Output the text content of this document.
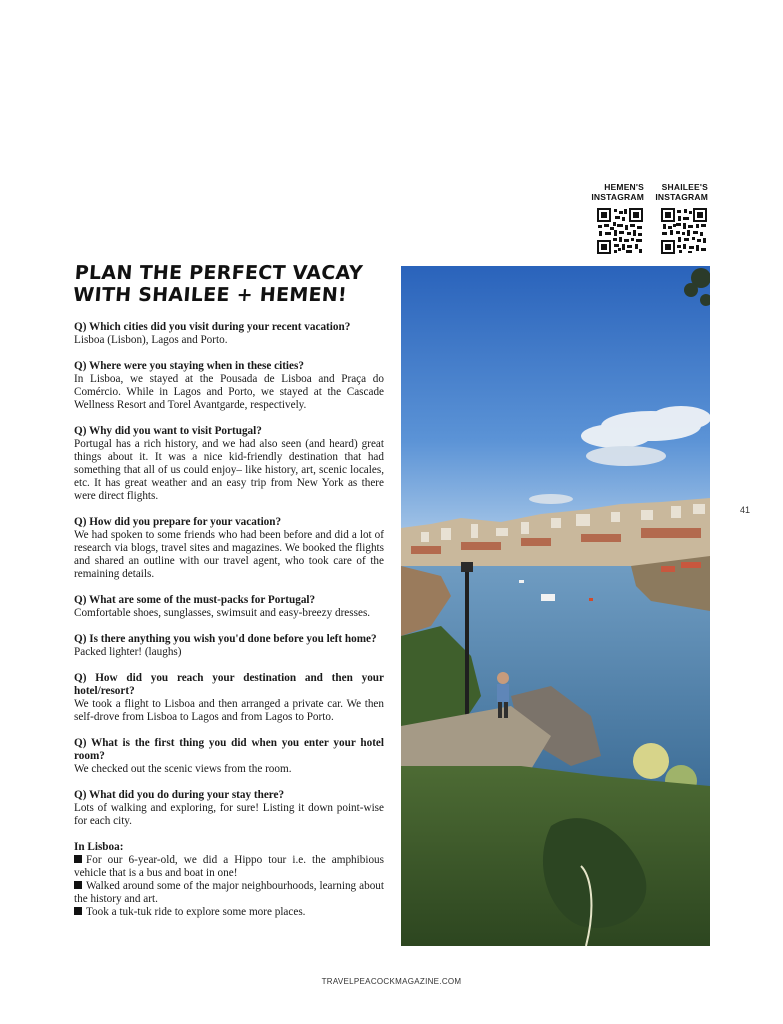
HEMEN'S
INSTAGRAM
SHAILEE'S
INSTAGRAM
PLAN THE PERFECT VACAY
WITH SHAILEE + HEMEN!
Q) Which cities did you visit during your recent vacation?
Lisboa (Lisbon), Lagos and Porto.
Q) Where were you staying when in these cities?
In Lisboa, we stayed at the Pousada de Lisboa and Praça do Comércio. While in Lagos and Porto, we stayed at the Cascade Wellness Resort and Torel Avantgarde, respectively.
Q) Why did you want to visit Portugal?
Portugal has a rich history, and we had also seen (and heard) great things about it. It was a nice kid-friendly destination that had something that all of us could enjoy– like history, art, scenic locales, etc. It has great weather and an easy trip from New York as there were direct flights.
Q) How did you prepare for your vacation?
We had spoken to some friends who had been before and did a lot of research via blogs, travel sites and magazines. We booked the flights and shared an outline with our travel agent, who took care of the remaining details.
Q) What are some of the must-packs for Portugal?
Comfortable shoes, sunglasses, swimsuit and easy-breezy dresses.
Q) Is there anything you wish you'd done before you left home?
Packed lighter! (laughs)
Q) How did you reach your destination and then your hotel/resort?
We took a flight to Lisboa and then arranged a private car. We then self-drove from Lisboa to Lagos and from Lagos to Porto.
Q) What is the first thing you did when you enter your hotel room?
We checked out the scenic views from the room.
Q) What did you do during your stay there?
Lots of walking and exploring, for sure! Listing it down point-wise for each city.
In Lisboa:
For our 6-year-old, we did a Hippo tour i.e. the amphibious vehicle that is a bus and boat in one!
Walked around some of the major neighbourhoods, learning about the history and art.
Took a tuk-tuk ride to explore some more places.
41
TRAVELPEACOCKMAGAZINE.COM
